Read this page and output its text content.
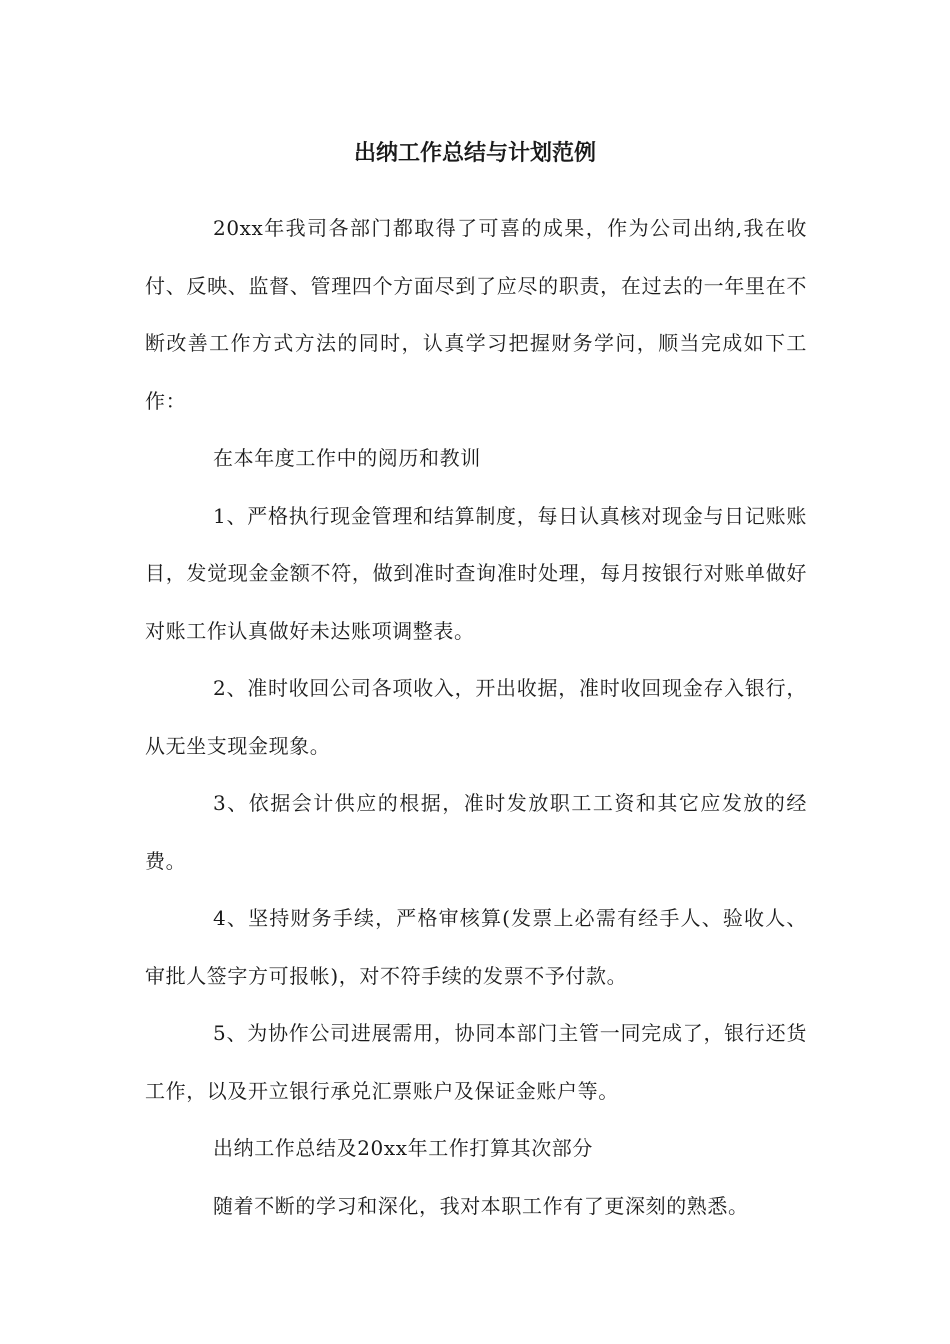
出纳工作总结与计划范例

20xx年我司各部门都取得了可喜的成果，作为公司出纳,我在收付、反映、监督、管理四个方面尽到了应尽的职责，在过去的一年里在不断改善工作方式方法的同时，认真学习把握财务学问，顺当完成如下工作：

在本年度工作中的阅历和教训

1、严格执行现金管理和结算制度，每日认真核对现金与日记账账目，发觉现金金额不符，做到准时查询准时处理，每月按银行对账单做好对账工作认真做好未达账项调整表。

2、准时收回公司各项收入，开出收据，准时收回现金存入银行，从无坐支现金现象。

3、依据会计供应的根据，准时发放职工工资和其它应发放的经费。

4、坚持财务手续，严格审核算(发票上必需有经手人、验收人、审批人签字方可报帐)，对不符手续的发票不予付款。

5、为协作公司进展需用，协同本部门主管一同完成了，银行还货工作，以及开立银行承兑汇票账户及保证金账户等。

出纳工作总结及20xx年工作打算其次部分

随着不断的学习和深化，我对本职工作有了更深刻的熟悉。
